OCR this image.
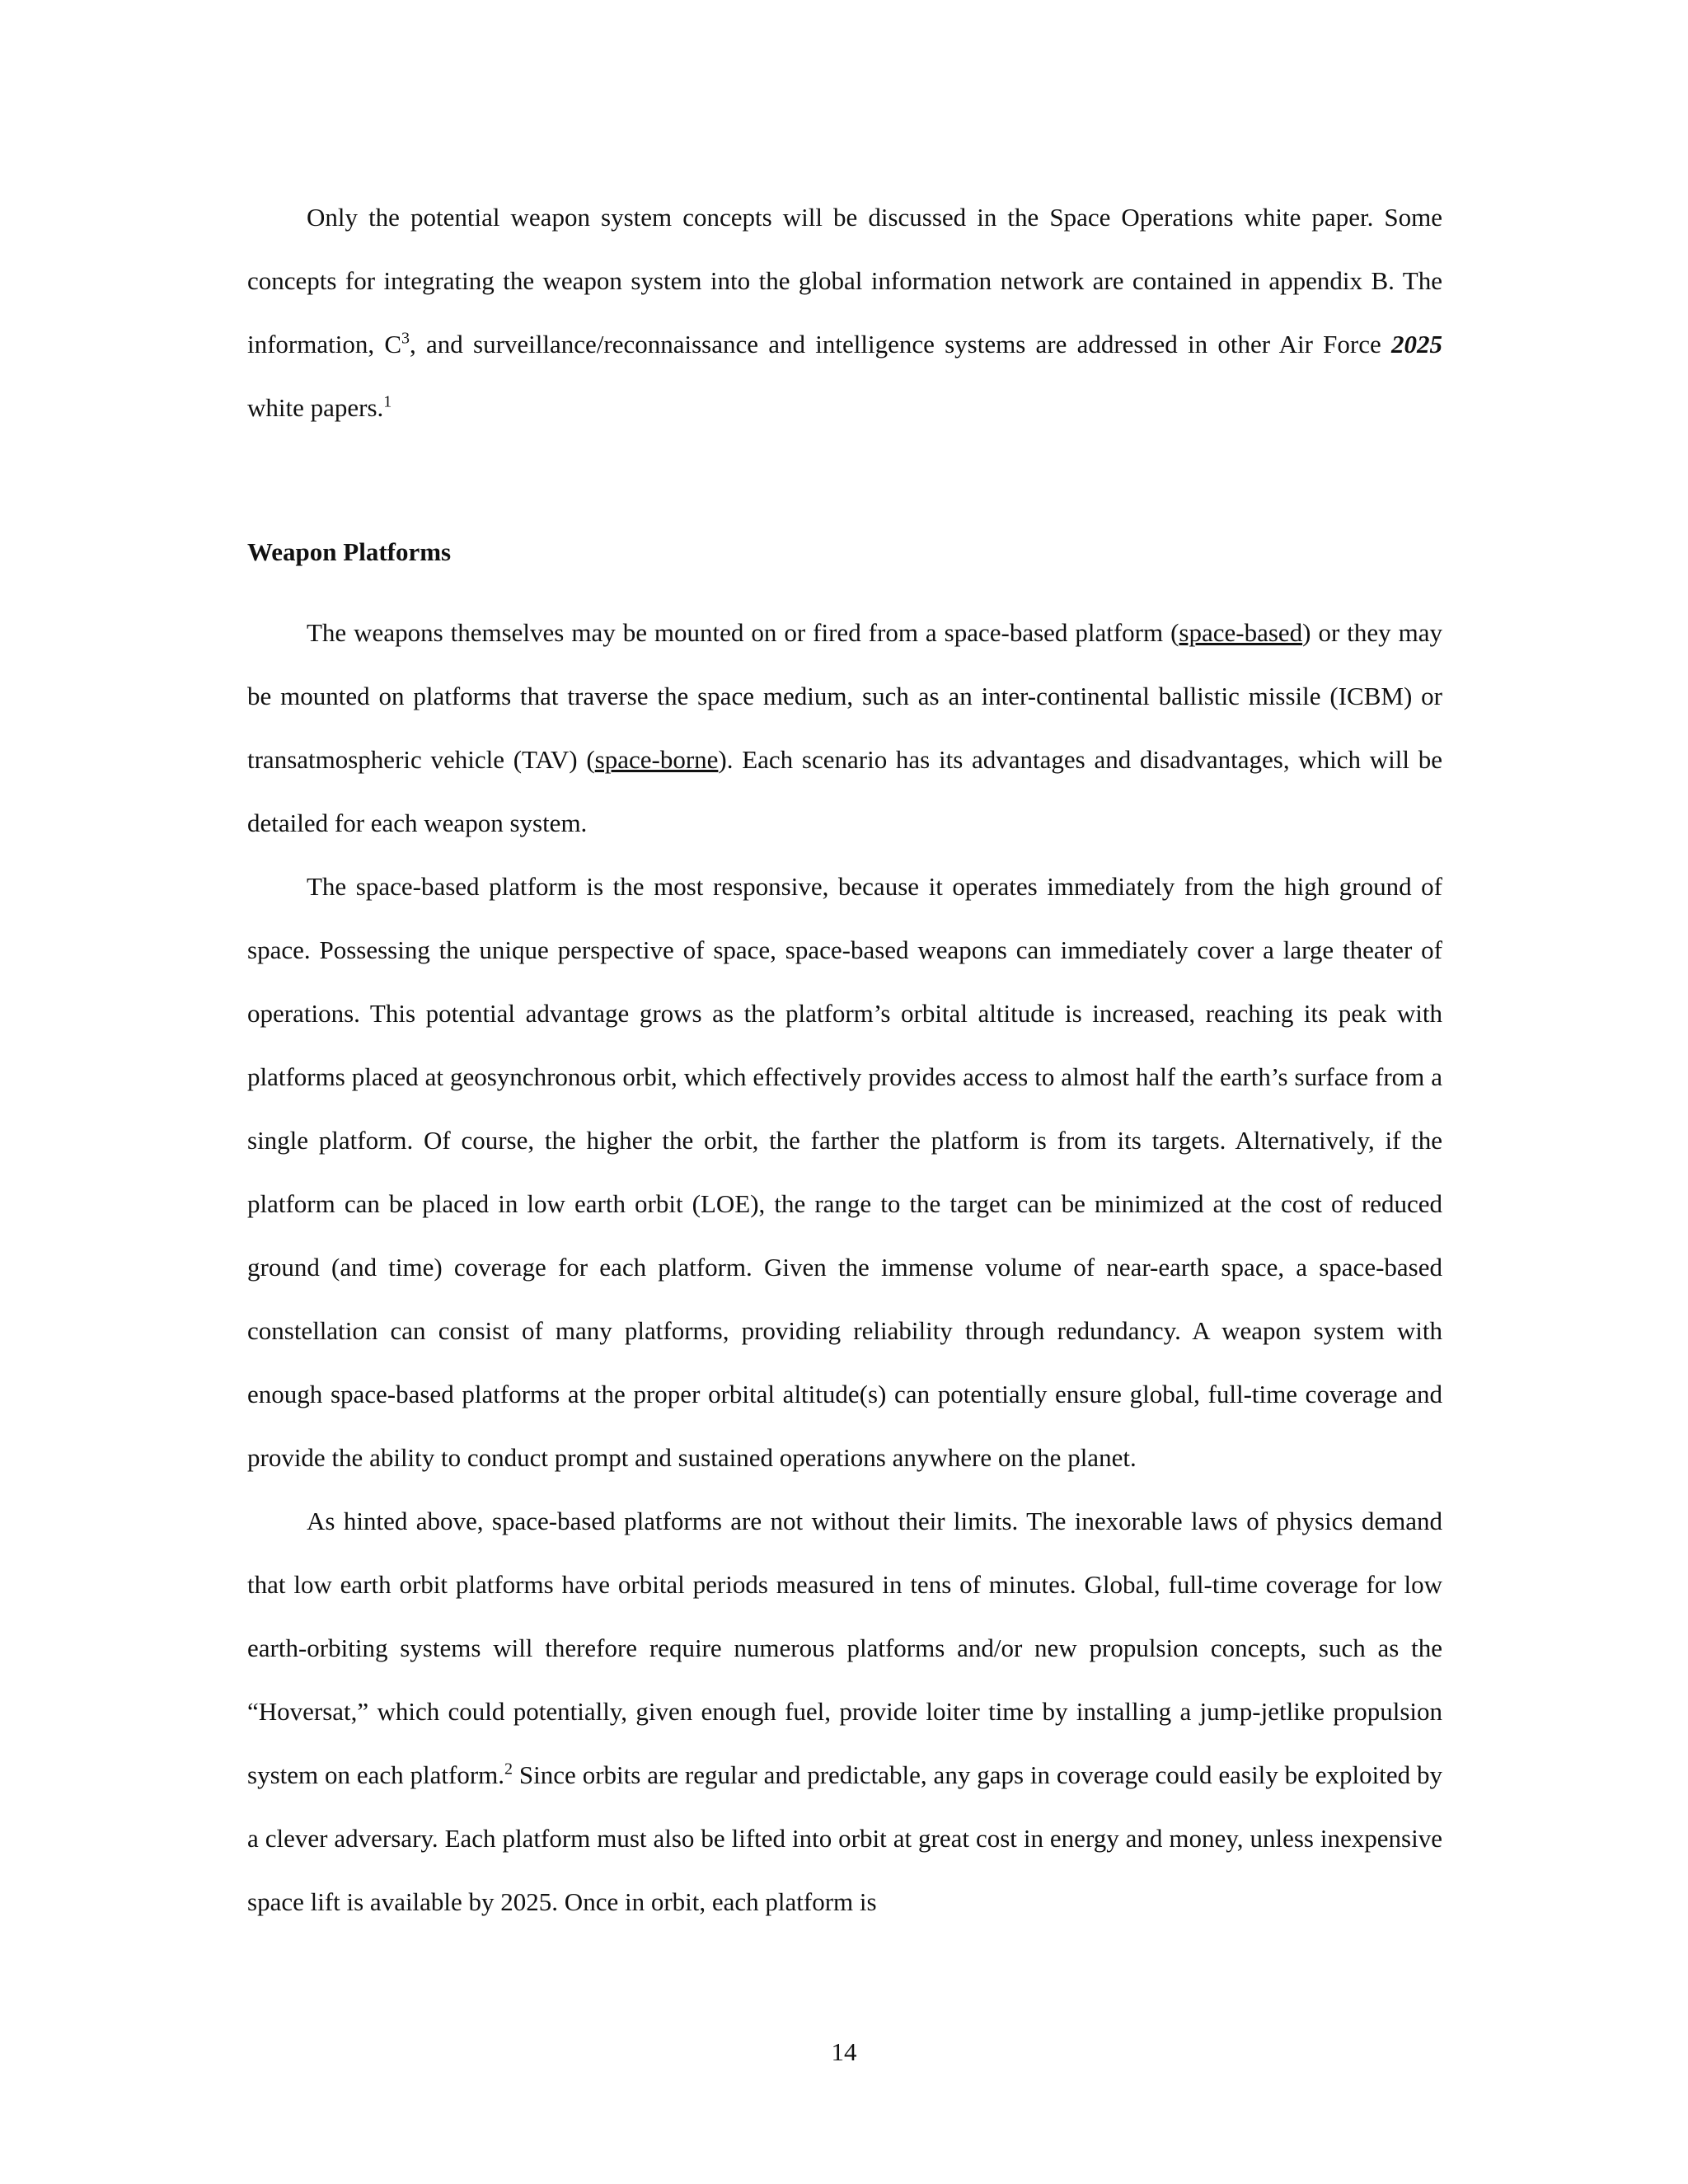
Only the potential weapon system concepts will be discussed in the Space Operations white paper. Some concepts for integrating the weapon system into the global information network are contained in appendix B. The information, $C^3$, and surveillance/reconnaissance and intelligence systems are addressed in other Air Force 2025 white papers.$^1$

Weapon Platforms

The weapons themselves may be mounted on or fired from a space-based platform (space-based) or they may be mounted on platforms that traverse the space medium, such as an inter-continental ballistic missile (ICBM) or transatmospheric vehicle (TAV) (space-borne). Each scenario has its advantages and disadvantages, which will be detailed for each weapon system.

The space-based platform is the most responsive, because it operates immediately from the high ground of space. Possessing the unique perspective of space, space-based weapons can immediately cover a large theater of operations. This potential advantage grows as the platform’s orbital altitude is increased, reaching its peak with platforms placed at geosynchronous orbit, which effectively provides access to almost half the earth’s surface from a single platform. Of course, the higher the orbit, the farther the platform is from its targets. Alternatively, if the platform can be placed in low earth orbit (LOE), the range to the target can be minimized at the cost of reduced ground (and time) coverage for each platform. Given the immense volume of near-earth space, a space-based constellation can consist of many platforms, providing reliability through redundancy. A weapon system with enough space-based platforms at the proper orbital altitude(s) can potentially ensure global, full-time coverage and provide the ability to conduct prompt and sustained operations anywhere on the planet.

As hinted above, space-based platforms are not without their limits. The inexorable laws of physics demand that low earth orbit platforms have orbital periods measured in tens of minutes. Global, full-time coverage for low earth-orbiting systems will therefore require numerous platforms and/or new propulsion concepts, such as the “Hoversat,” which could potentially, given enough fuel, provide loiter time by installing a jump-jetlike propulsion system on each platform.$^2$ Since orbits are regular and predictable, any gaps in coverage could easily be exploited by a clever adversary. Each platform must also be lifted into orbit at great cost in energy and money, unless inexpensive space lift is available by 2025. Once in orbit, each platform is

14
